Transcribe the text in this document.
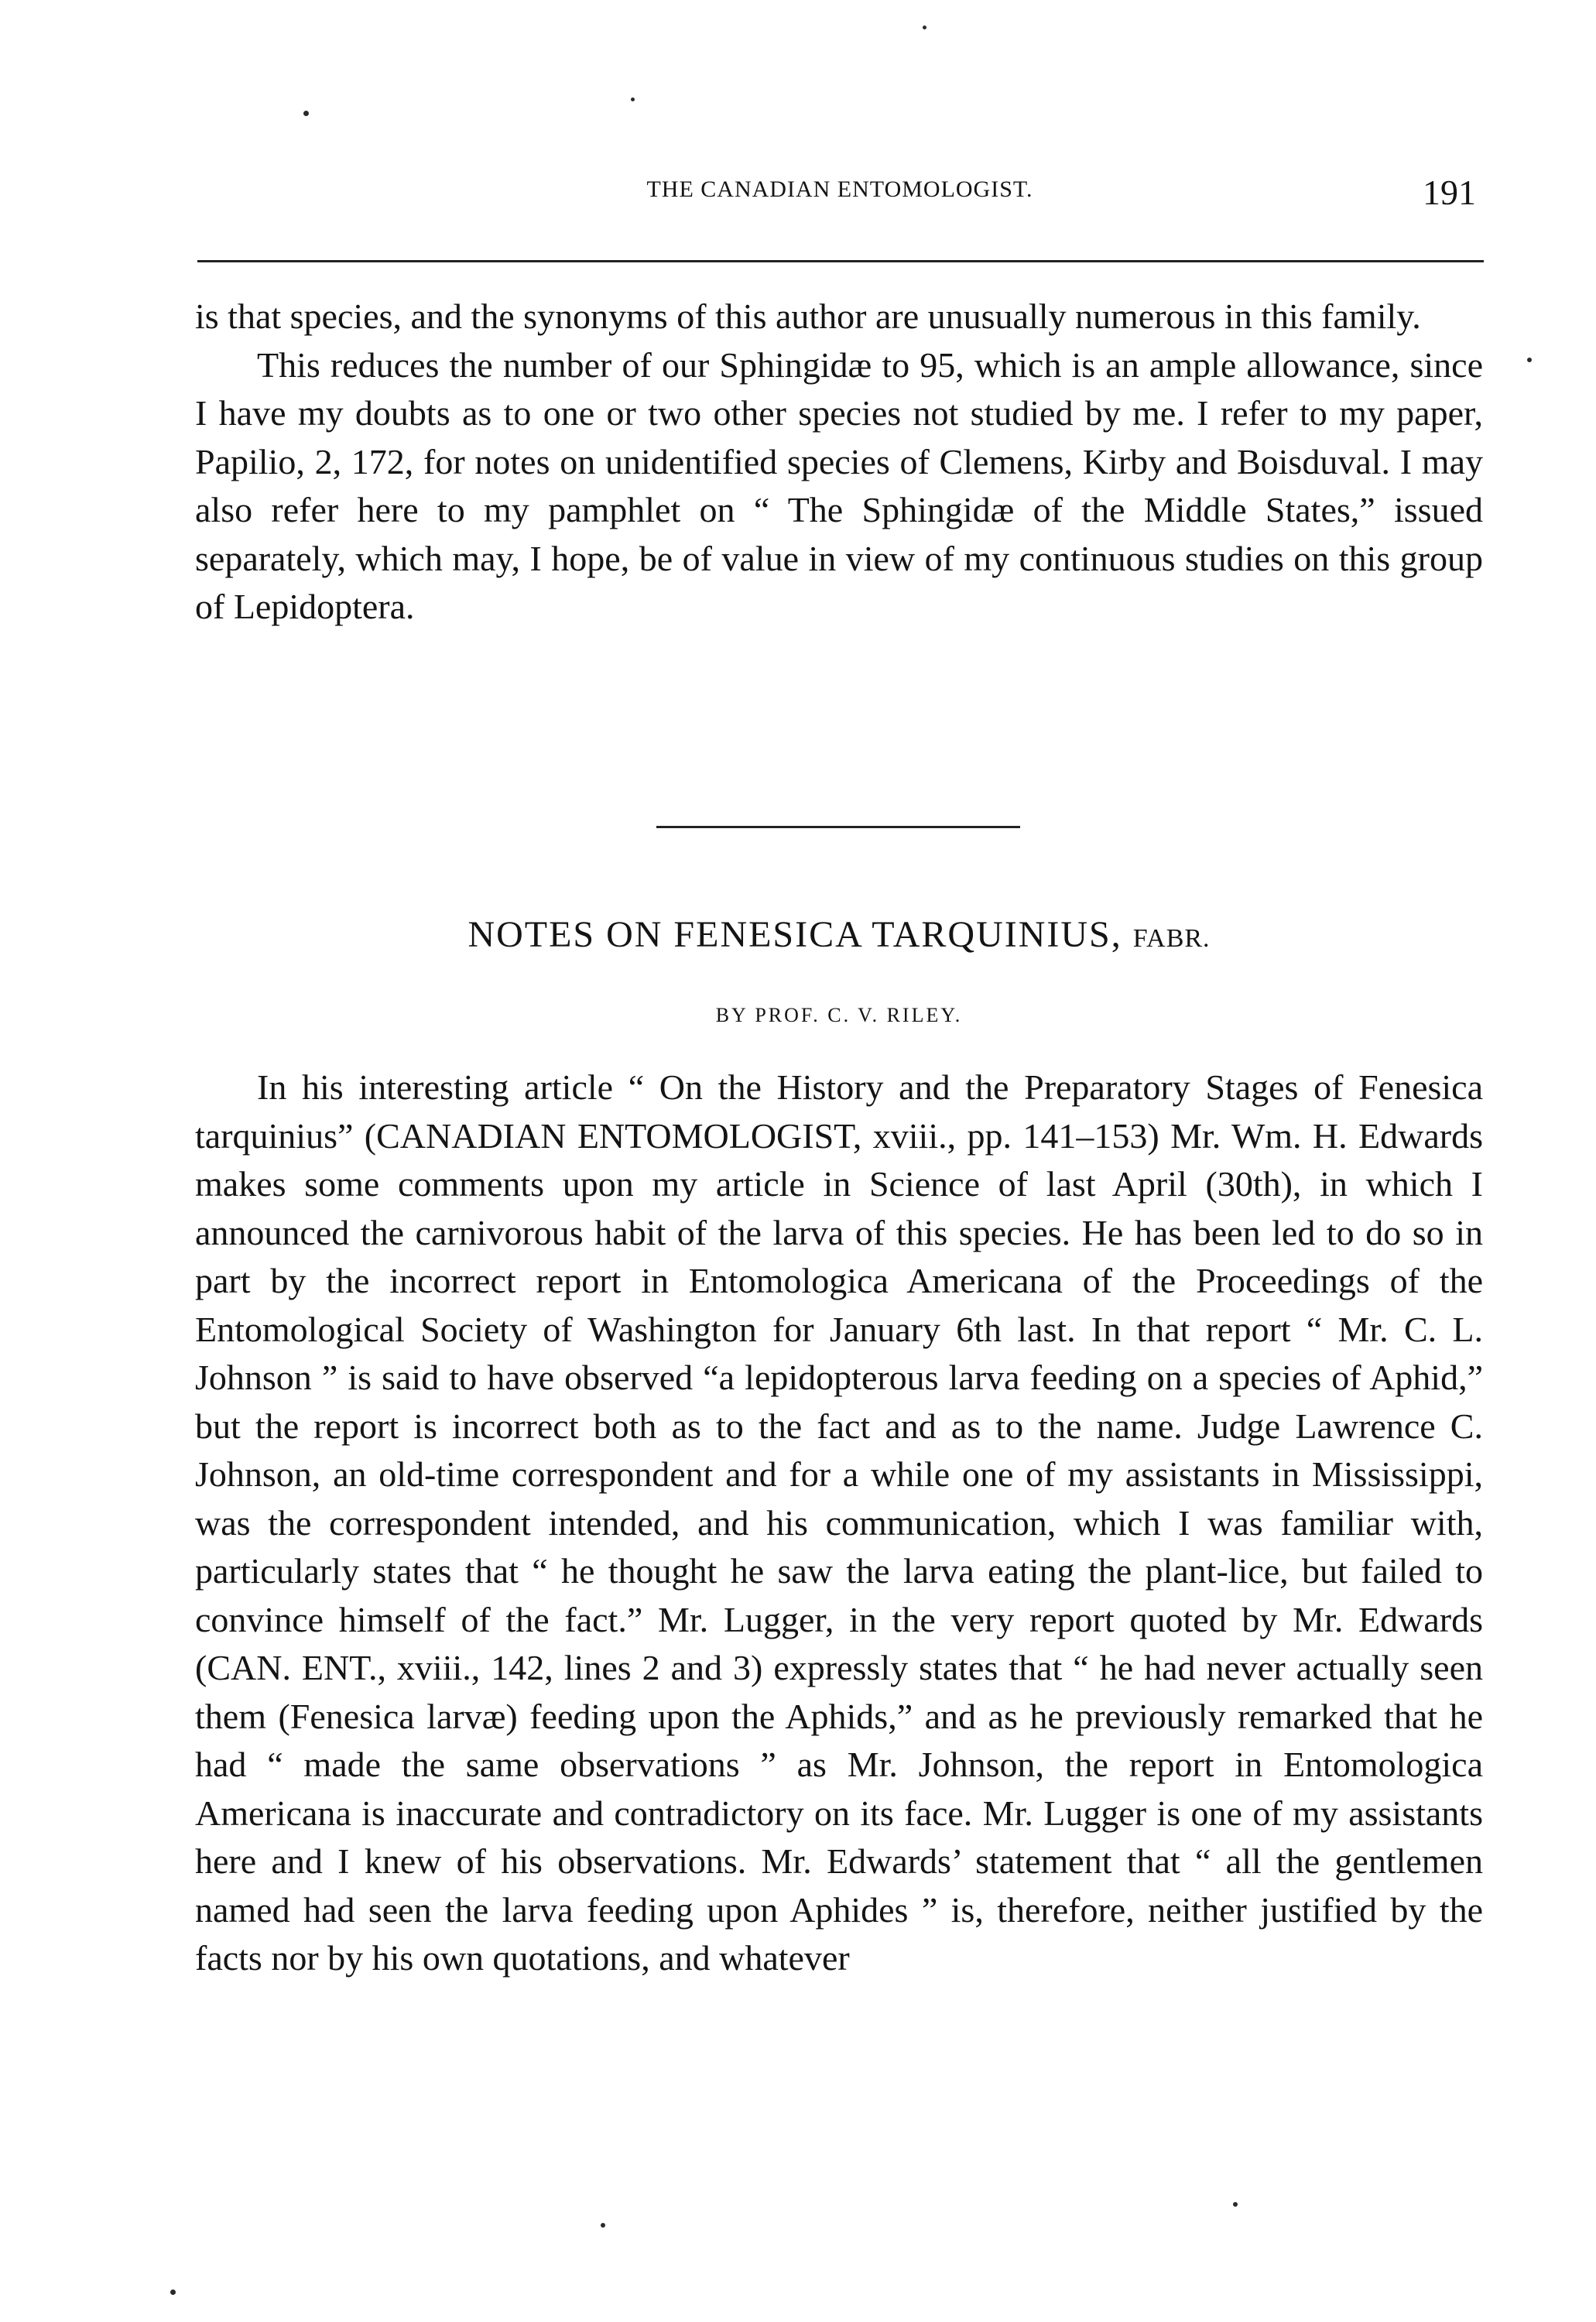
THE CANADIAN ENTOMOLOGIST.	191

is that species, and the synonyms of this author are unusually numerous in this family.

This reduces the number of our Sphingidæ to 95, which is an ample allowance, since I have my doubts as to one or two other species not studied by me. I refer to my paper, Papilio, 2, 172, for notes on unidentified species of Clemens, Kirby and Boisduval. I may also refer here to my pamphlet on “ The Sphingidæ of the Middle States,” issued separately, which may, I hope, be of value in view of my continuous studies on this group of Lepidoptera.

NOTES ON FENESICA TARQUINIUS, FABR.
BY PROF. C. V. RILEY.

In his interesting article “ On the History and the Preparatory Stages of Fenesica tarquinius” (CANADIAN ENTOMOLOGIST, xviii., pp. 141–153) Mr. Wm. H. Edwards makes some comments upon my article in Science of last April (30th), in which I announced the carnivorous habit of the larva of this species. He has been led to do so in part by the incorrect report in Entomologica Americana of the Proceedings of the Entomological Society of Washington for January 6th last. In that report “ Mr. C. L. Johnson ” is said to have observed “a lepidopterous larva feeding on a species of Aphid,” but the report is incorrect both as to the fact and as to the name. Judge Lawrence C. Johnson, an old-time correspondent and for a while one of my assistants in Mississippi, was the correspondent intended, and his communication, which I was familiar with, particularly states that “ he thought he saw the larva eating the plant-lice, but failed to convince himself of the fact.” Mr. Lugger, in the very report quoted by Mr. Edwards (CAN. ENT., xviii., 142, lines 2 and 3) expressly states that “ he had never actually seen them (Fenesica larvæ) feeding upon the Aphids,” and as he previously remarked that he had “ made the same observations ” as Mr. Johnson, the report in Entomologica Americana is inaccurate and contradictory on its face. Mr. Lugger is one of my assistants here and I knew of his observations. Mr. Edwards’ statement that “ all the gentlemen named had seen the larva feeding upon Aphides ” is, therefore, neither justified by the facts nor by his own quotations, and whatever
